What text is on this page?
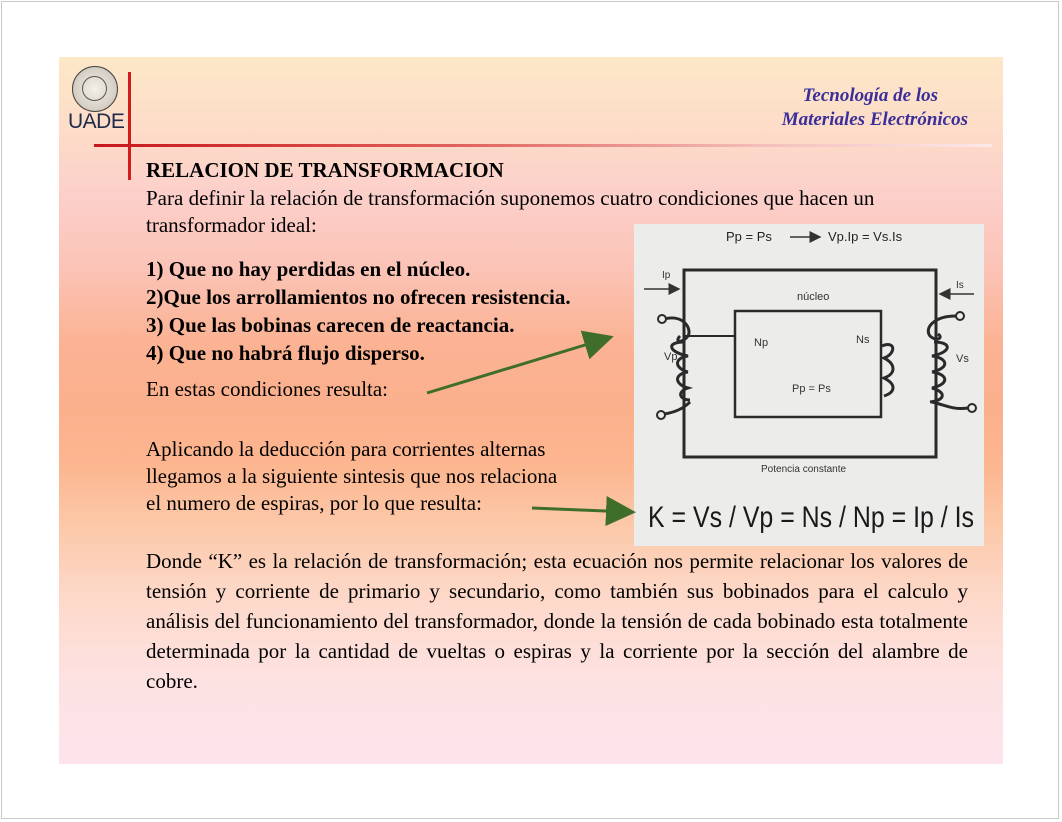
UADE
Tecnología de los
Materiales Electrónicos
RELACION DE TRANSFORMACION
Para definir la relación de transformación suponemos cuatro condiciones que hacen un transformador ideal:
1) Que no hay perdidas en el núcleo.
2)Que los arrollamientos no ofrecen resistencia.
3) Que las bobinas carecen de reactancia.
4) Que no habrá flujo disperso.
En estas condiciones resulta:
Aplicando la deducción para corrientes alternas
llegamos a la siguiente sintesis que nos relaciona
el numero de espiras, por lo que resulta:
Donde “K” es la relación de transformación; esta ecuación nos permite relacionar los valores de tensión y corriente de primario y secundario, como también sus bobinados para el calculo y análisis del funcionamiento del transformador, donde la tensión de cada bobinado esta totalmente determinada por la cantidad de vueltas o espiras y la corriente por la sección del alambre de cobre.
Pp = Ps	Vp.Ip = Vs.Is
núcleo
Np	Ns
Pp = Ps
Ip
Is
Vp	Vs
Potencia constante
K = Vs / Vp = Ns / Np = Ip / Is
